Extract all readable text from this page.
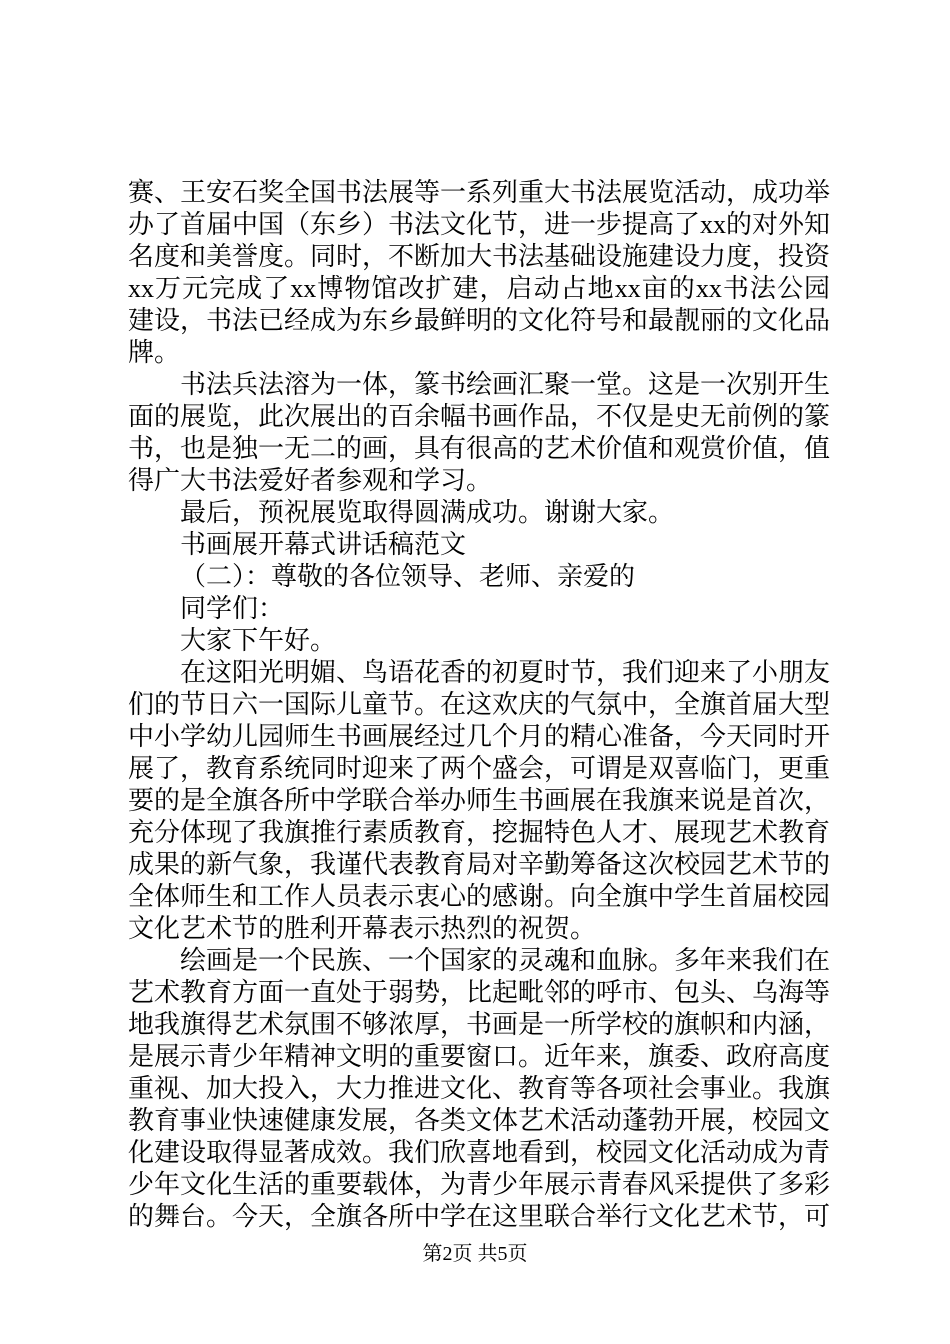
赛、王安石奖全国书法展等一系列重大书法展览活动，成功举
办了首届中国（东乡）书法文化节，进一步提高了xx的对外知
名度和美誉度。同时，不断加大书法基础设施建设力度，投资
xx万元完成了xx博物馆改扩建，启动占地xx亩的xx书法公园
建设，书法已经成为东乡最鲜明的文化符号和最靓丽的文化品
牌。
书法兵法溶为一体，篆书绘画汇聚一堂。这是一次别开生
面的展览，此次展出的百余幅书画作品，不仅是史无前例的篆
书，也是独一无二的画，具有很高的艺术价值和观赏价值，值
得广大书法爱好者参观和学习。
最后，预祝展览取得圆满成功。谢谢大家。
书画展开幕式讲话稿范文
（二）：尊敬的各位领导、老师、亲爱的
同学们：
大家下午好。
在这阳光明媚、鸟语花香的初夏时节，我们迎来了小朋友
们的节日六一国际儿童节。在这欢庆的气氛中，全旗首届大型
中小学幼儿园师生书画展经过几个月的精心准备，今天同时开
展了，教育系统同时迎来了两个盛会，可谓是双喜临门，更重
要的是全旗各所中学联合举办师生书画展在我旗来说是首次，
充分体现了我旗推行素质教育，挖掘特色人才、展现艺术教育
成果的新气象，我谨代表教育局对辛勤筹备这次校园艺术节的
全体师生和工作人员表示衷心的感谢。向全旗中学生首届校园
文化艺术节的胜利开幕表示热烈的祝贺。
绘画是一个民族、一个国家的灵魂和血脉。多年来我们在
艺术教育方面一直处于弱势，比起毗邻的呼市、包头、乌海等
地我旗得艺术氛围不够浓厚，书画是一所学校的旗帜和内涵，
是展示青少年精神文明的重要窗口。近年来，旗委、政府高度
重视、加大投入，大力推进文化、教育等各项社会事业。我旗
教育事业快速健康发展，各类文体艺术活动蓬勃开展，校园文
化建设取得显著成效。我们欣喜地看到，校园文化活动成为青
少年文化生活的重要载体，为青少年展示青春风采提供了多彩
的舞台。今天，全旗各所中学在这里联合举行文化艺术节，可
第2页 共5页
